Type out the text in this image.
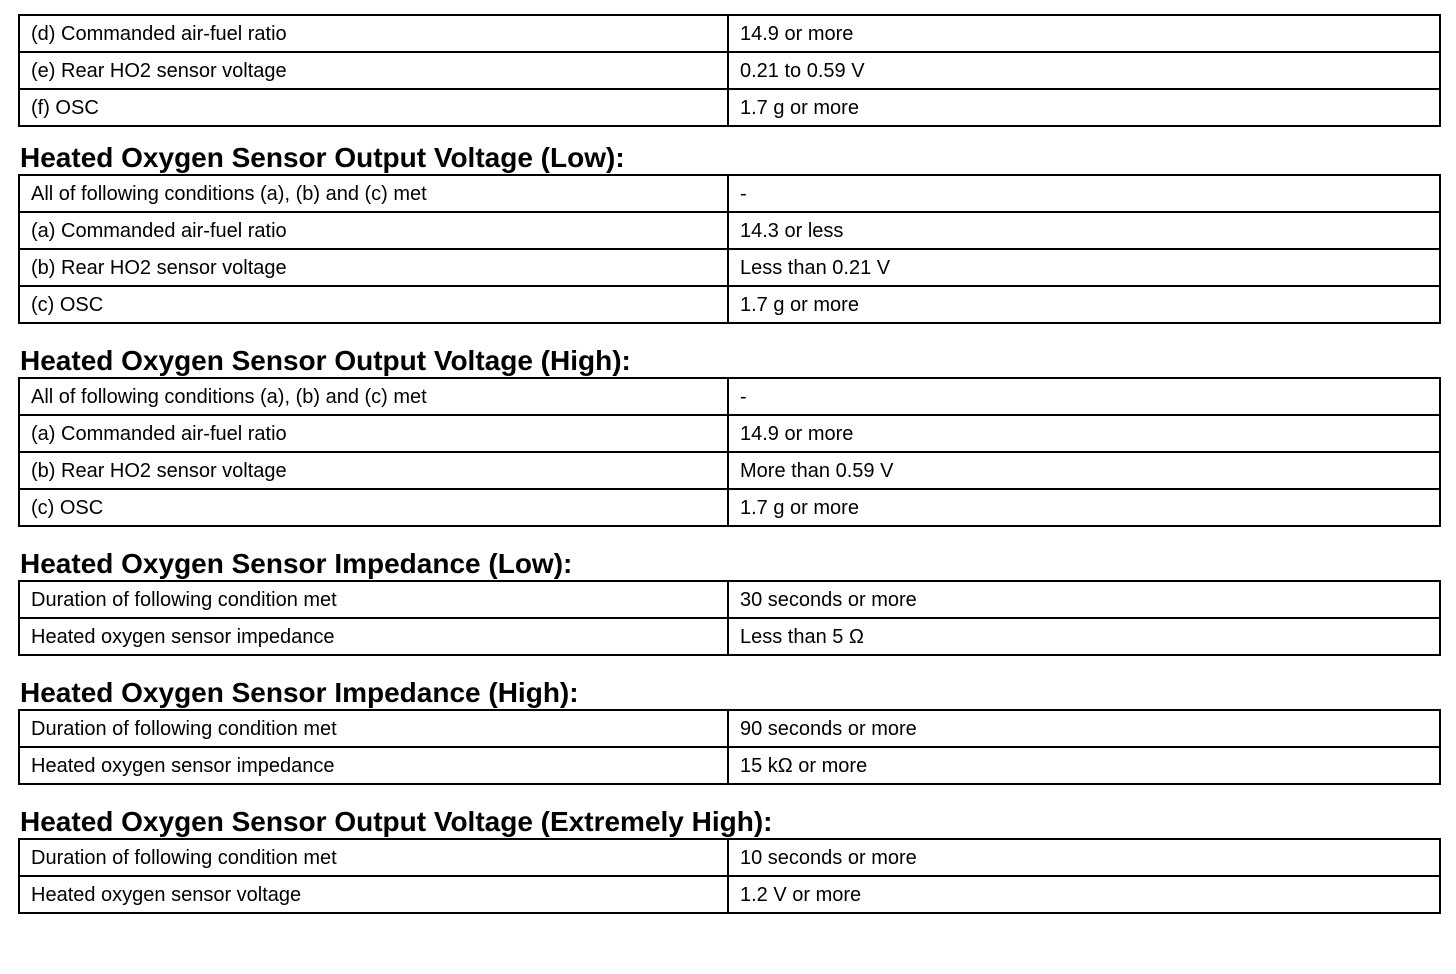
(d) Commanded air-fuel ratio	14.9 or more
(e) Rear HO2 sensor voltage	0.21 to 0.59 V
(f) OSC	1.7 g or more
Heated Oxygen Sensor Output Voltage (Low):
All of following conditions (a), (b) and (c) met	-
(a) Commanded air-fuel ratio	14.3 or less
(b) Rear HO2 sensor voltage	Less than 0.21 V
(c) OSC	1.7 g or more
Heated Oxygen Sensor Output Voltage (High):
All of following conditions (a), (b) and (c) met	-
(a) Commanded air-fuel ratio	14.9 or more
(b) Rear HO2 sensor voltage	More than 0.59 V
(c) OSC	1.7 g or more
Heated Oxygen Sensor Impedance (Low):
Duration of following condition met	30 seconds or more
Heated oxygen sensor impedance	Less than 5 Ω
Heated Oxygen Sensor Impedance (High):
Duration of following condition met	90 seconds or more
Heated oxygen sensor impedance	15 kΩ or more
Heated Oxygen Sensor Output Voltage (Extremely High):
Duration of following condition met	10 seconds or more
Heated oxygen sensor voltage	1.2 V or more
